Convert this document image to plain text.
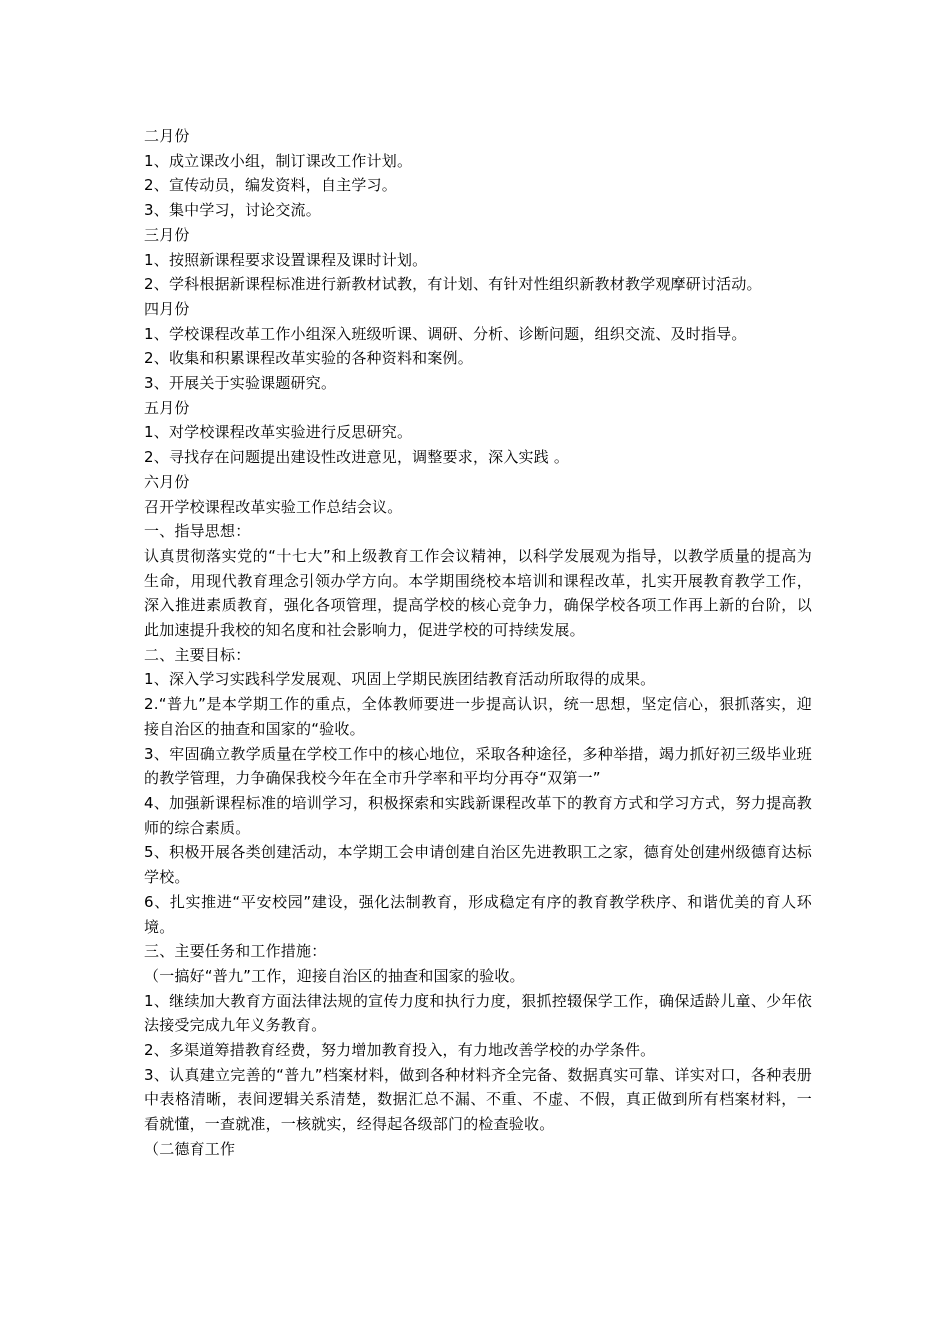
二月份
1、成立课改小组，制订课改工作计划。
2、宣传动员，编发资料，自主学习。
3、集中学习，讨论交流。
三月份
1、按照新课程要求设置课程及课时计划。
2、学科根据新课程标准进行新教材试教，有计划、有针对性组织新教材教学观摩研讨活动。
四月份
1、学校课程改革工作小组深入班级听课、调研、分析、诊断问题，组织交流、及时指导。
2、收集和积累课程改革实验的各种资料和案例。
3、开展关于实验课题研究。
五月份
1、对学校课程改革实验进行反思研究。
2、寻找存在问题提出建设性改进意见，调整要求，深入实践 。
六月份
召开学校课程改革实验工作总结会议。
一、指导思想：
认真贯彻落实党的“十七大”和上级教育工作会议精神，以科学发展观为指导，以教学质量的提高为生命，用现代教育理念引领办学方向。本学期围绕校本培训和课程改革，扎实开展教育教学工作，深入推进素质教育，强化各项管理，提高学校的核心竞争力，确保学校各项工作再上新的台阶，以此加速提升我校的知名度和社会影响力，促进学校的可持续发展。
二、主要目标：
1、深入学习实践科学发展观、巩固上学期民族团结教育活动所取得的成果。
2.“普九”是本学期工作的重点，全体教师要进一步提高认识，统一思想，坚定信心，狠抓落实，迎接自治区的抽查和国家的“验收。
3、牢固确立教学质量在学校工作中的核心地位，采取各种途径，多种举措，竭力抓好初三级毕业班的教学管理，力争确保我校今年在全市升学率和平均分再夺“双第一”
4、加强新课程标准的培训学习，积极探索和实践新课程改革下的教育方式和学习方式，努力提高教师的综合素质。
5、积极开展各类创建活动，本学期工会申请创建自治区先进教职工之家，德育处创建州级德育达标学校。
6、扎实推进“平安校园”建设，强化法制教育，形成稳定有序的教育教学秩序、和谐优美的育人环境。
三、主要任务和工作措施：
（一搞好“普九”工作，迎接自治区的抽查和国家的验收。
1、继续加大教育方面法律法规的宣传力度和执行力度，狠抓控辍保学工作，确保适龄儿童、少年依法接受完成九年义务教育。
2、多渠道筹措教育经费，努力增加教育投入，有力地改善学校的办学条件。
3、认真建立完善的“普九”档案材料，做到各种材料齐全完备、数据真实可靠、详实对口，各种表册中表格清晰，表间逻辑关系清楚，数据汇总不漏、不重、不虚、不假，真正做到所有档案材料，一看就懂，一查就准，一核就实，经得起各级部门的检查验收。
（二德育工作
